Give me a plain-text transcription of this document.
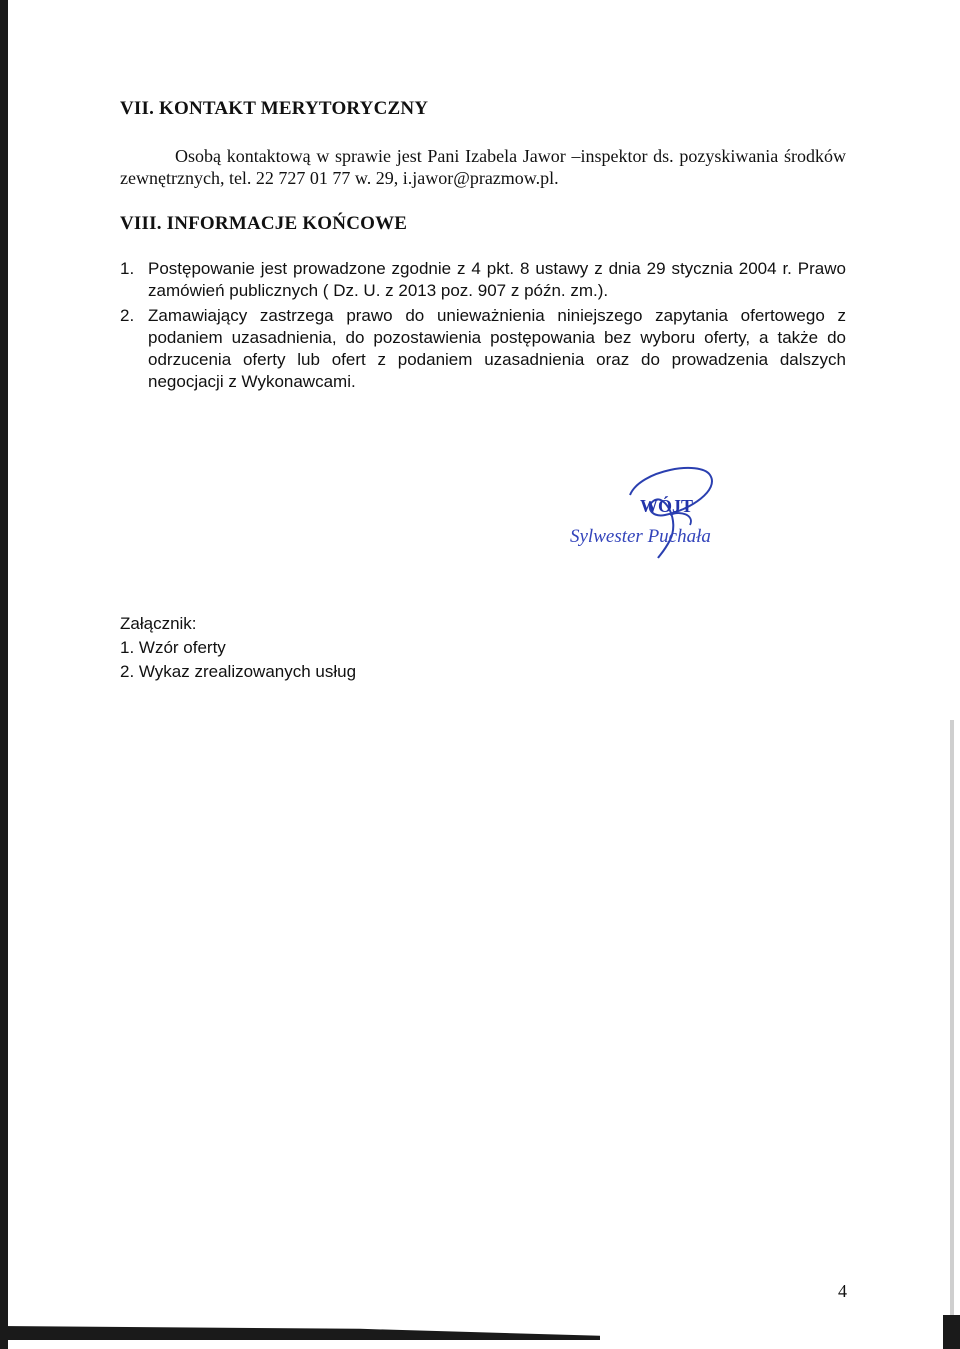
VII. KONTAKT MERYTORYCZNY
Osobą kontaktową w sprawie jest Pani Izabela Jawor –inspektor ds. pozyskiwania środków zewnętrznych, tel. 22 727 01 77 w. 29, i.jawor@prazmow.pl.
VIII. INFORMACJE KOŃCOWE
1. Postępowanie jest prowadzone zgodnie z 4 pkt. 8 ustawy z dnia 29 stycznia 2004 r. Prawo zamówień publicznych ( Dz. U. z 2013 poz. 907 z późn. zm.).
2. Zamawiający zastrzega prawo do unieważnienia niniejszego zapytania ofertowego z podaniem uzasadnienia, do pozostawienia postępowania bez wyboru oferty, a także do odrzucenia oferty lub ofert z podaniem uzasadnienia oraz do prowadzenia dalszych negocjacji z Wykonawcami.
WÓJT
Sylwester Puchała
Załącznik:
1. Wzór oferty
2. Wykaz zrealizowanych usług
4
